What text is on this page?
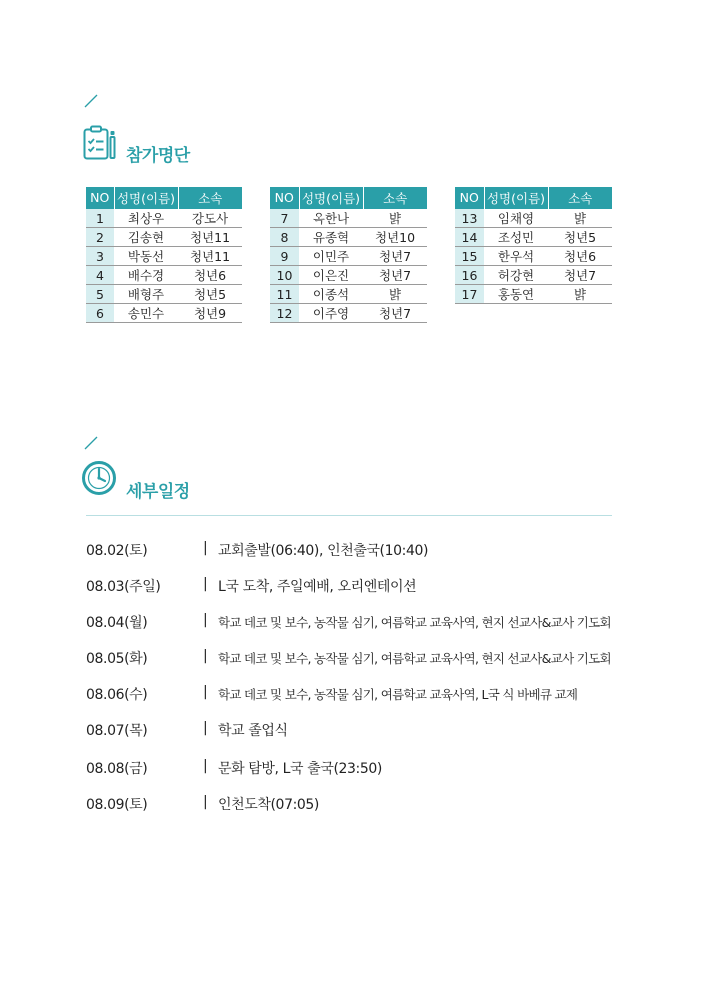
참가명단
NO	성명(이름)	소속
1	최상우	강도사
2	김송현	청년11
3	박동선	청년11
4	배수경	청년6
5	배형주	청년5
6	송민수	청년9
NO	성명(이름)	소속
7	옥한나	뱕
8	유종혁	청년10
9	이민주	청년7
10	이은진	청년7
11	이종석	뱕
12	이주영	청년7
NO	성명(이름)	소속
13	임채영	뱕
14	조성민	청년5
15	한우석	청년6
16	허강현	청년7
17	홍동연	뱕
세부일정
08.02(토)	| 교회출발(06:40), 인천출국(10:40)
08.03(주일)	| L국 도착, 주일예배, 오리엔테이션
08.04(월)	| 학교 데코 및 보수, 농작물 심기, 여름학교 교육사역, 현지 선교사&교사 기도회
08.05(화)	| 학교 데코 및 보수, 농작물 심기, 여름학교 교육사역, 현지 선교사&교사 기도회
08.06(수)	| 학교 데코 및 보수, 농작물 심기, 여름학교 교육사역, L국 식 바베큐 교제
08.07(목)	| 학교 졸업식
08.08(금)	| 문화 탐방, L국 출국(23:50)
08.09(토)	| 인천도착(07:05)
